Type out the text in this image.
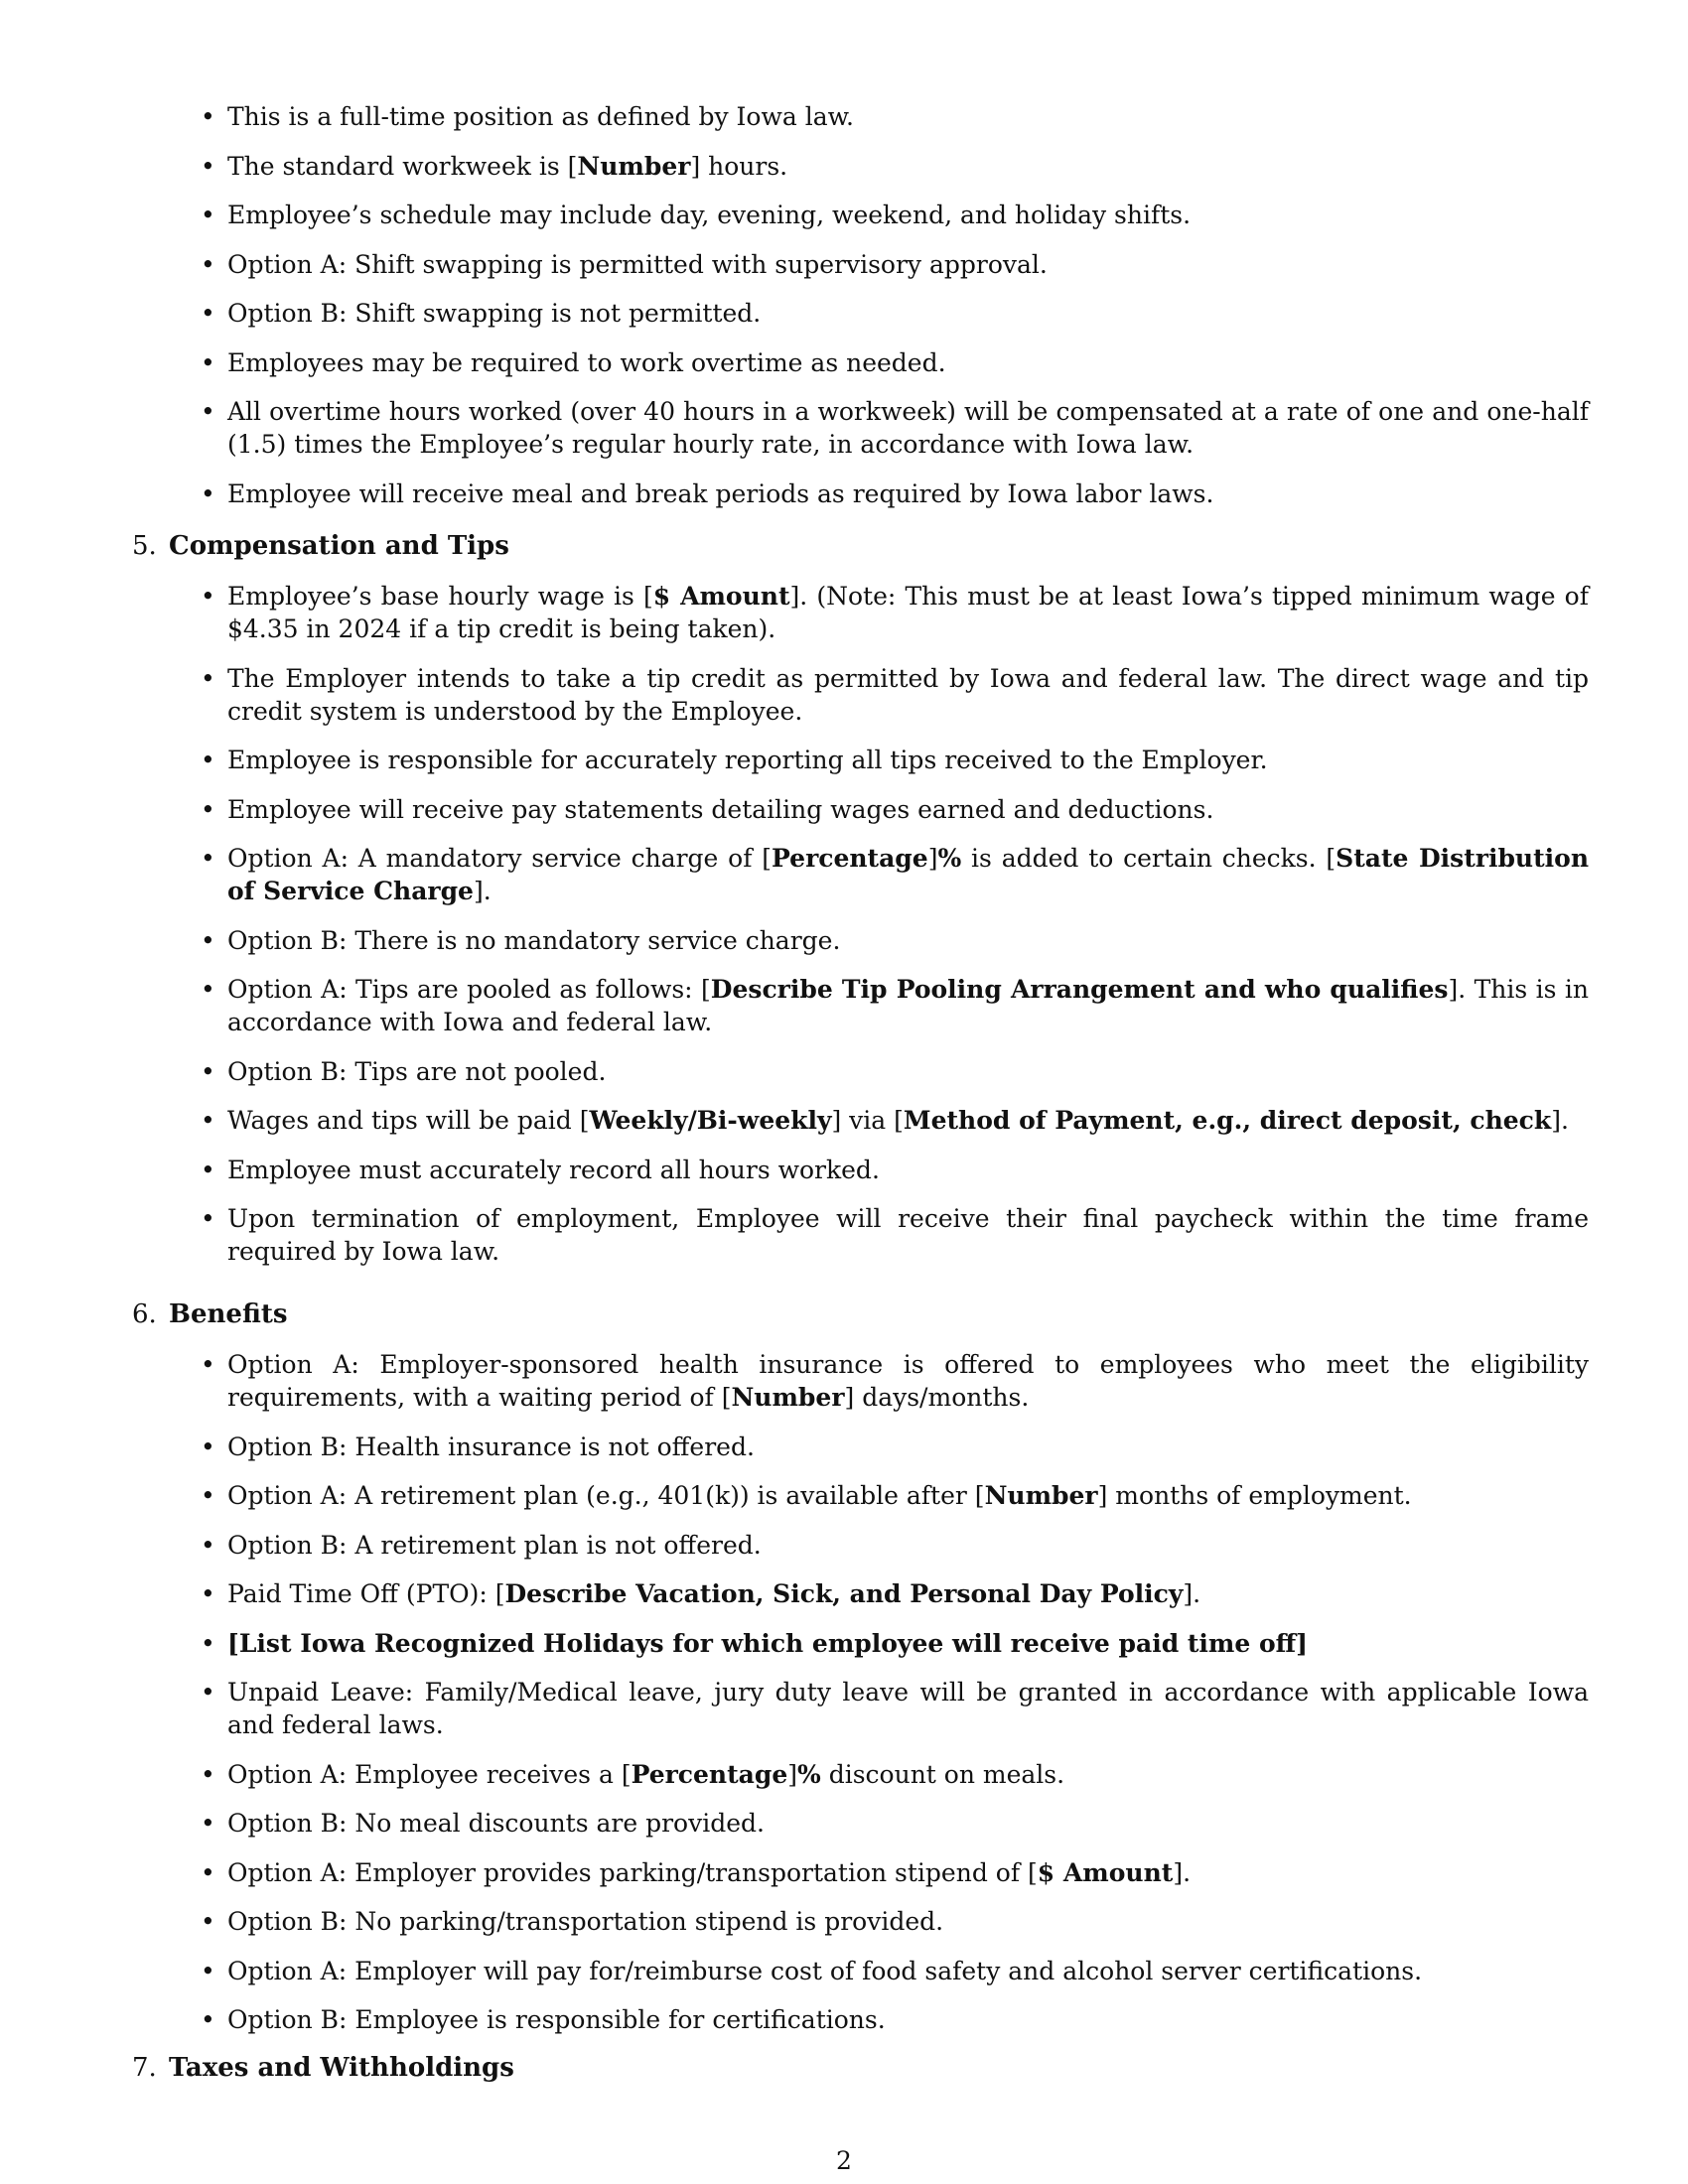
• This is a full-time position as defined by Iowa law.
• The standard workweek is [Number] hours.
• Employee’s schedule may include day, evening, weekend, and holiday shifts.
• Option A: Shift swapping is permitted with supervisory approval.
• Option B: Shift swapping is not permitted.
• Employees may be required to work overtime as needed.
• All overtime hours worked (over 40 hours in a workweek) will be compensated at a rate of one and one-half (1.5) times the Employee’s regular hourly rate, in accordance with Iowa law.
• Employee will receive meal and break periods as required by Iowa labor laws.
5. Compensation and Tips
• Employee’s base hourly wage is [$ Amount]. (Note: This must be at least Iowa’s tipped minimum wage of $4.35 in 2024 if a tip credit is being taken).
• The Employer intends to take a tip credit as permitted by Iowa and federal law. The direct wage and tip credit system is understood by the Employee.
• Employee is responsible for accurately reporting all tips received to the Employer.
• Employee will receive pay statements detailing wages earned and deductions.
• Option A: A mandatory service charge of [Percentage]% is added to certain checks. [State Distribution of Service Charge].
• Option B: There is no mandatory service charge.
• Option A: Tips are pooled as follows: [Describe Tip Pooling Arrangement and who qualifies]. This is in accordance with Iowa and federal law.
• Option B: Tips are not pooled.
• Wages and tips will be paid [Weekly/Bi-weekly] via [Method of Payment, e.g., direct deposit, check].
• Employee must accurately record all hours worked.
• Upon termination of employment, Employee will receive their final paycheck within the time frame required by Iowa law.
6. Benefits
• Option A: Employer-sponsored health insurance is offered to employees who meet the eligibility requirements, with a waiting period of [Number] days/months.
• Option B: Health insurance is not offered.
• Option A: A retirement plan (e.g., 401(k)) is available after [Number] months of employment.
• Option B: A retirement plan is not offered.
• Paid Time Off (PTO): [Describe Vacation, Sick, and Personal Day Policy].
• [List Iowa Recognized Holidays for which employee will receive paid time off]
• Unpaid Leave: Family/Medical leave, jury duty leave will be granted in accordance with applicable Iowa and federal laws.
• Option A: Employee receives a [Percentage]% discount on meals.
• Option B: No meal discounts are provided.
• Option A: Employer provides parking/transportation stipend of [$ Amount].
• Option B: No parking/transportation stipend is provided.
• Option A: Employer will pay for/reimburse cost of food safety and alcohol server certifications.
• Option B: Employee is responsible for certifications.
7. Taxes and Withholdings
2
